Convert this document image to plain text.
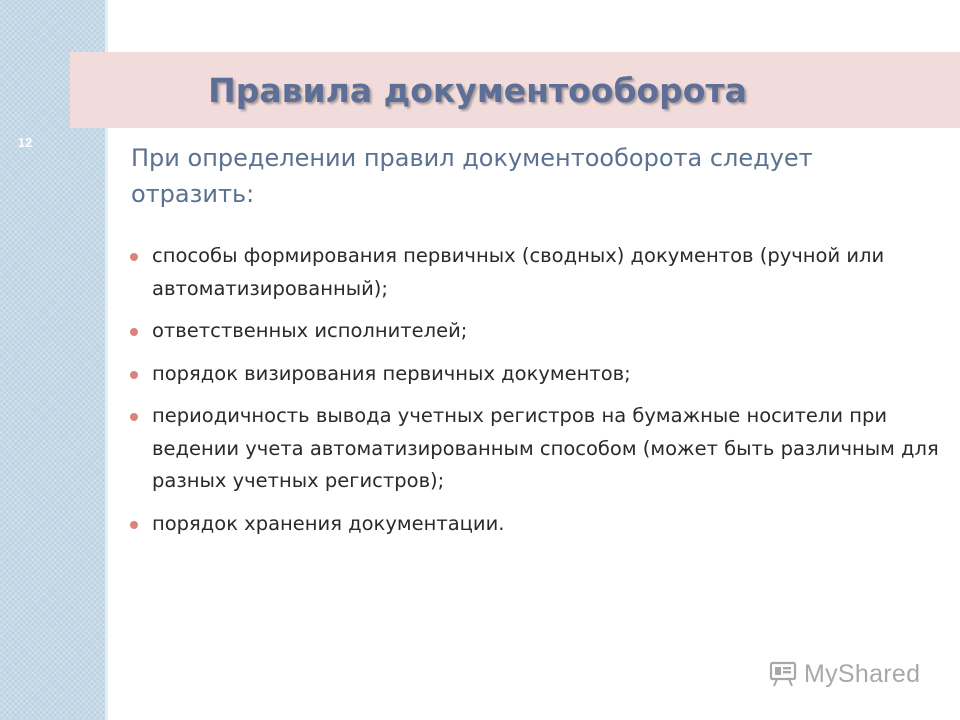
12
Правила документооборота
При определении правил документооборота следует отразить:
способы формирования первичных (сводных) документов (ручной или автоматизированный);
ответственных исполнителей;
порядок визирования первичных документов;
периодичность вывода учетных регистров на бумажные носители при ведении учета автоматизированным способом (может быть различным для разных учетных регистров);
порядок хранения документации.
MyShared
